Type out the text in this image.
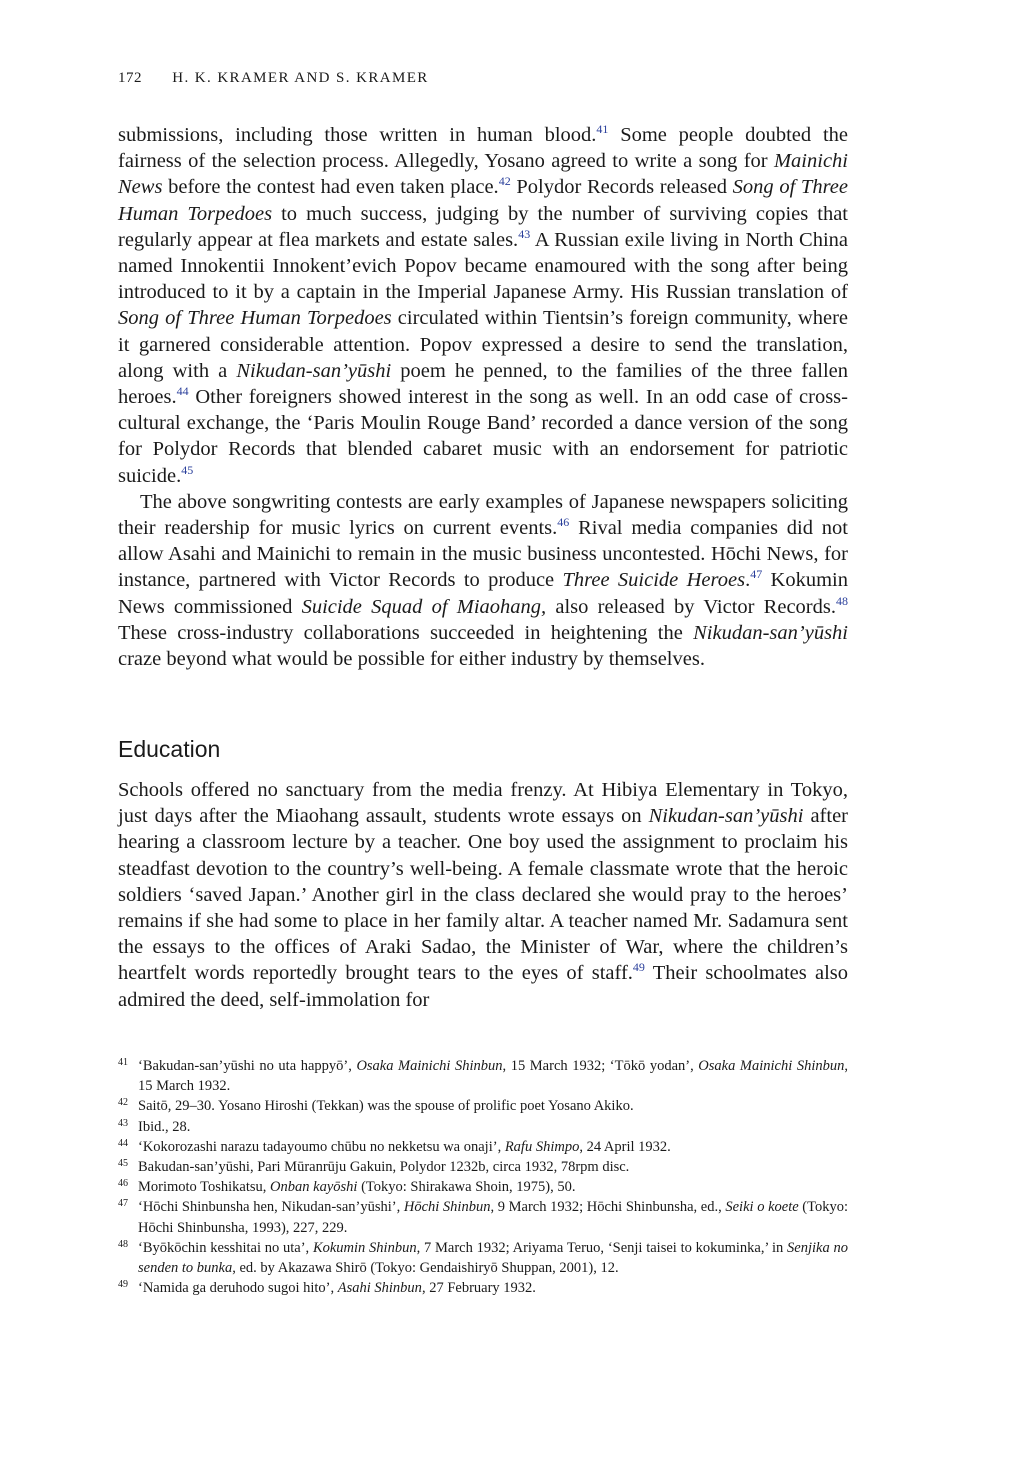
172 H. K. KRAMER AND S. KRAMER

submissions, including those written in human blood.$^{41}$ Some people doubted the fairness of the selection process. Allegedly, Yosano agreed to write a song for Mainichi News before the contest had even taken place.$^{42}$ Polydor Records released Song of Three Human Torpedoes to much success, judging by the number of surviving copies that regularly appear at flea markets and estate sales.$^{43}$ A Russian exile living in North China named Innokentii Innokent’evich Popov became enamoured with the song after being introduced to it by a captain in the Imperial Japanese Army. His Russian translation of Song of Three Human Torpedoes circulated within Tientsin’s foreign community, where it garnered considerable attention. Popov expressed a desire to send the translation, along with a Nikudan-san’yūshi poem he penned, to the families of the three fallen heroes.$^{44}$ Other foreigners showed interest in the song as well. In an odd case of cross-cultural exchange, the ‘Paris Moulin Rouge Band’ recorded a dance version of the song for Polydor Records that blended cabaret music with an endorsement for patriotic suicide.$^{45}$

The above songwriting contests are early examples of Japanese newspapers soliciting their readership for music lyrics on current events.$^{46}$ Rival media companies did not allow Asahi and Mainichi to remain in the music business uncontested. Hōchi News, for instance, partnered with Victor Records to produce Three Suicide Heroes.$^{47}$ Kokumin News commissioned Suicide Squad of Miaohang, also released by Victor Records.$^{48}$ These cross-industry collaborations succeeded in heightening the Nikudan-san’yūshi craze beyond what would be possible for either industry by themselves.

Education

Schools offered no sanctuary from the media frenzy. At Hibiya Elementary in Tokyo, just days after the Miaohang assault, students wrote essays on Nikudan-san’yūshi after hearing a classroom lecture by a teacher. One boy used the assignment to proclaim his steadfast devotion to the country’s well-being. A female classmate wrote that the heroic soldiers ‘saved Japan.’ Another girl in the class declared she would pray to the heroes’ remains if she had some to place in her family altar. A teacher named Mr. Sadamura sent the essays to the offices of Araki Sadao, the Minister of War, where the children’s heartfelt words reportedly brought tears to the eyes of staff.$^{49}$ Their schoolmates also admired the deed, self-immolation for

41 ‘Bakudan-san’yūshi no uta happyō’, Osaka Mainichi Shinbun, 15 March 1932; ‘Tōkō yodan’, Osaka Mainichi Shinbun, 15 March 1932.
42 Saitō, 29–30. Yosano Hiroshi (Tekkan) was the spouse of prolific poet Yosano Akiko.
43 Ibid., 28.
44 ‘Kokorozashi narazu tadayoumo chūbu no nekketsu wa onaji’, Rafu Shimpo, 24 April 1932.
45 Bakudan-san’yūshi, Pari Mūranrūju Gakuin, Polydor 1232b, circa 1932, 78rpm disc.
46 Morimoto Toshikatsu, Onban kayōshi (Tokyo: Shirakawa Shoin, 1975), 50.
47 ‘Hōchi Shinbunsha hen, Nikudan-san’yūshi’, Hōchi Shinbun, 9 March 1932; Hōchi Shinbunsha, ed., Seiki o koete (Tokyo: Hōchi Shinbunsha, 1993), 227, 229.
48 ‘Byōkōchin kesshitai no uta’, Kokumin Shinbun, 7 March 1932; Ariyama Teruo, ‘Senji taisei to kokuminka,’ in Senjika no senden to bunka, ed. by Akazawa Shirō (Tokyo: Gendaishiryō Shuppan, 2001), 12.
49 ‘Namida ga deruhodo sugoi hito’, Asahi Shinbun, 27 February 1932.
